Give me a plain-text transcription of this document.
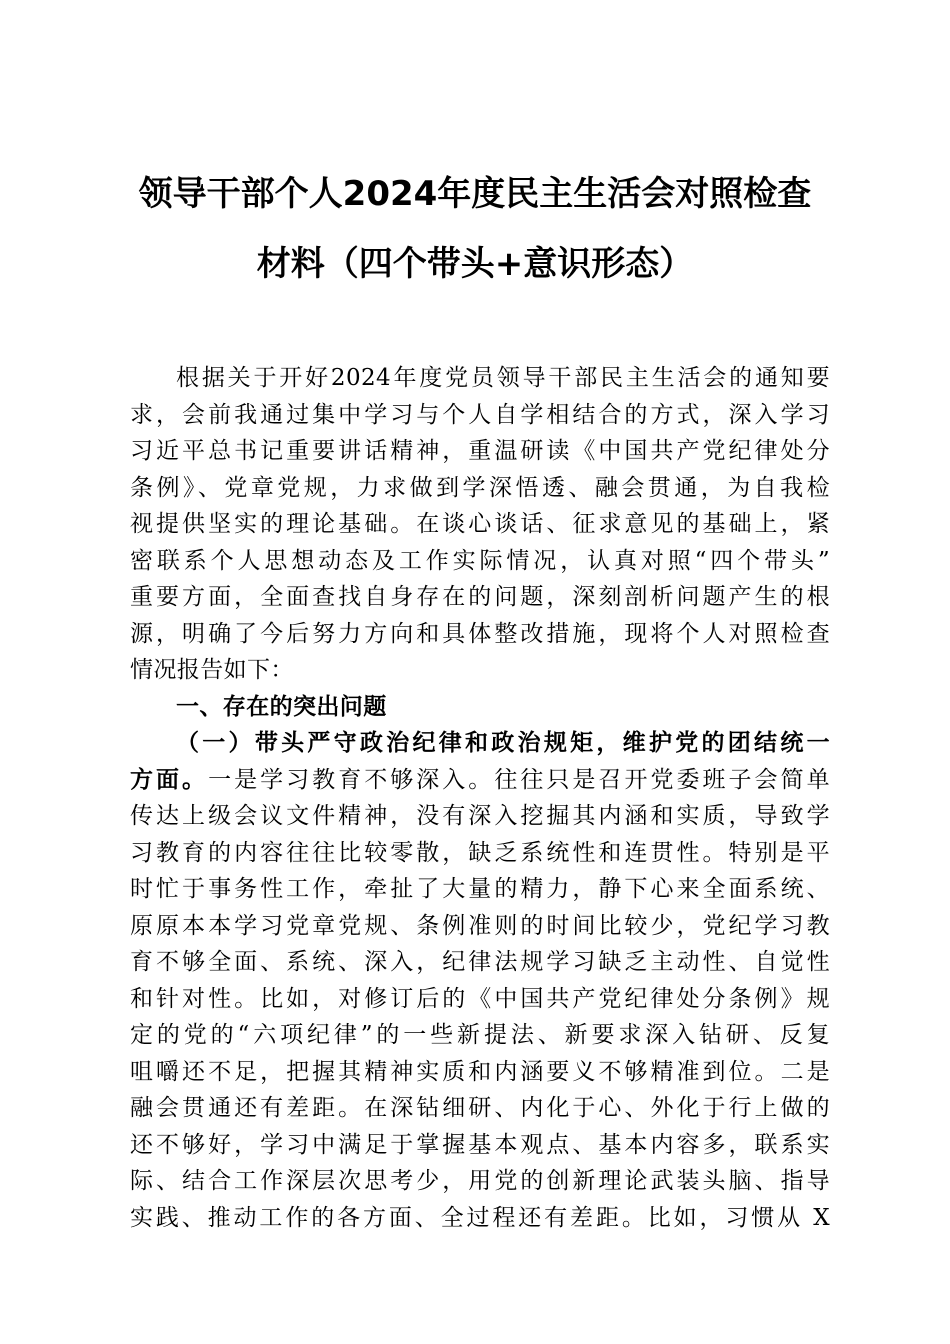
领导干部个人2024年度民主生活会对照检查
材料（四个带头+意识形态）
根据关于开好2024年度党员领导干部民主生活会的通知要
求，会前我通过集中学习与个人自学相结合的方式，深入学习
习近平总书记重要讲话精神，重温研读《中国共产党纪律处分
条例》、党章党规，力求做到学深悟透、融会贯通，为自我检
视提供坚实的理论基础。在谈心谈话、征求意见的基础上，紧
密联系个人思想动态及工作实际情况，认真对照“四个带头”
重要方面，全面查找自身存在的问题，深刻剖析问题产生的根
源，明确了今后努力方向和具体整改措施，现将个人对照检查
情况报告如下：
一、存在的突出问题
（一）带头严守政治纪律和政治规矩，维护党的团结统一
方面。一是学习教育不够深入。往往只是召开党委班子会简单
传达上级会议文件精神，没有深入挖掘其内涵和实质，导致学
习教育的内容往往比较零散，缺乏系统性和连贯性。特别是平
时忙于事务性工作，牵扯了大量的精力，静下心来全面系统、
原原本本学习党章党规、条例准则的时间比较少，党纪学习教
育不够全面、系统、深入，纪律法规学习缺乏主动性、自觉性
和针对性。比如，对修订后的《中国共产党纪律处分条例》规
定的党的“六项纪律”的一些新提法、新要求深入钻研、反复
咀嚼还不足，把握其精神实质和内涵要义不够精准到位。二是
融会贯通还有差距。在深钻细研、内化于心、外化于行上做的
还不够好，学习中满足于掌握基本观点、基本内容多，联系实
际、结合工作深层次思考少，用党的创新理论武装头脑、指导
实践、推动工作的各方面、全过程还有差距。比如，习惯从 X
